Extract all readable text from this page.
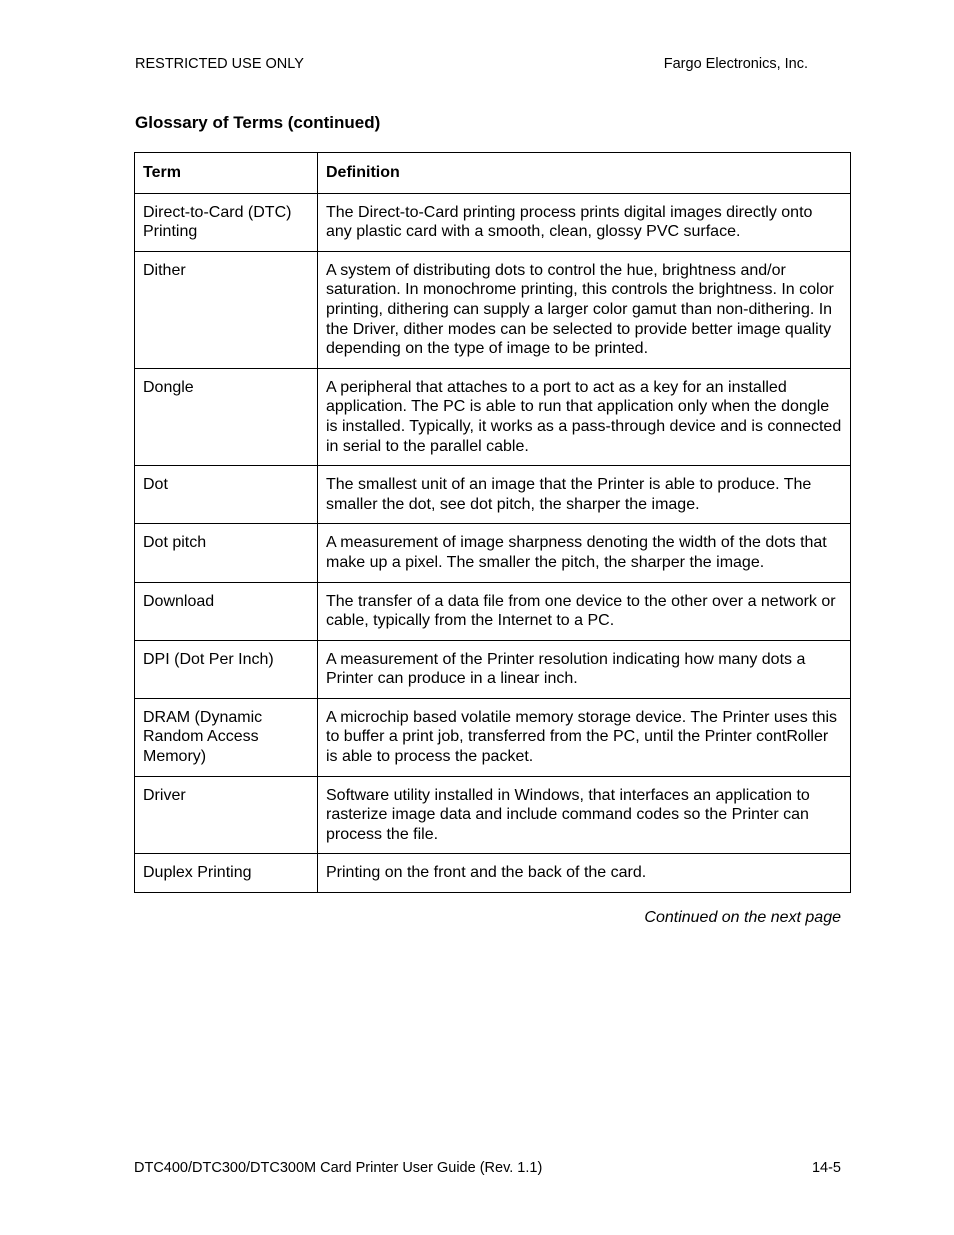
RESTRICTED USE ONLY	Fargo Electronics, Inc.
Glossary of Terms (continued)
Term	Definition
Direct-to-Card (DTC) Printing	The Direct-to-Card printing process prints digital images directly onto any plastic card with a smooth, clean, glossy PVC surface.
Dither	A system of distributing dots to control the hue, brightness and/or saturation. In monochrome printing, this controls the brightness. In color printing, dithering can supply a larger color gamut than non-dithering. In the Driver, dither modes can be selected to provide better image quality depending on the type of image to be printed.
Dongle	A peripheral that attaches to a port to act as a key for an installed application. The PC is able to run that application only when the dongle is installed. Typically, it works as a pass-through device and is connected in serial to the parallel cable.
Dot	The smallest unit of an image that the Printer is able to produce. The smaller the dot, see dot pitch, the sharper the image.
Dot pitch	A measurement of image sharpness denoting the width of the dots that make up a pixel. The smaller the pitch, the sharper the image.
Download	The transfer of a data file from one device to the other over a network or cable, typically from the Internet to a PC.
DPI (Dot Per Inch)	A measurement of the Printer resolution indicating how many dots a Printer can produce in a linear inch.
DRAM (Dynamic Random Access Memory)	A microchip based volatile memory storage device. The Printer uses this to buffer a print job, transferred from the PC, until the Printer contRoller is able to process the packet.
Driver	Software utility installed in Windows, that interfaces an application to rasterize image data and include command codes so the Printer can process the file.
Duplex Printing	Printing on the front and the back of the card.
Continued on the next page
DTC400/DTC300/DTC300M Card Printer User Guide (Rev. 1.1)	14-5
